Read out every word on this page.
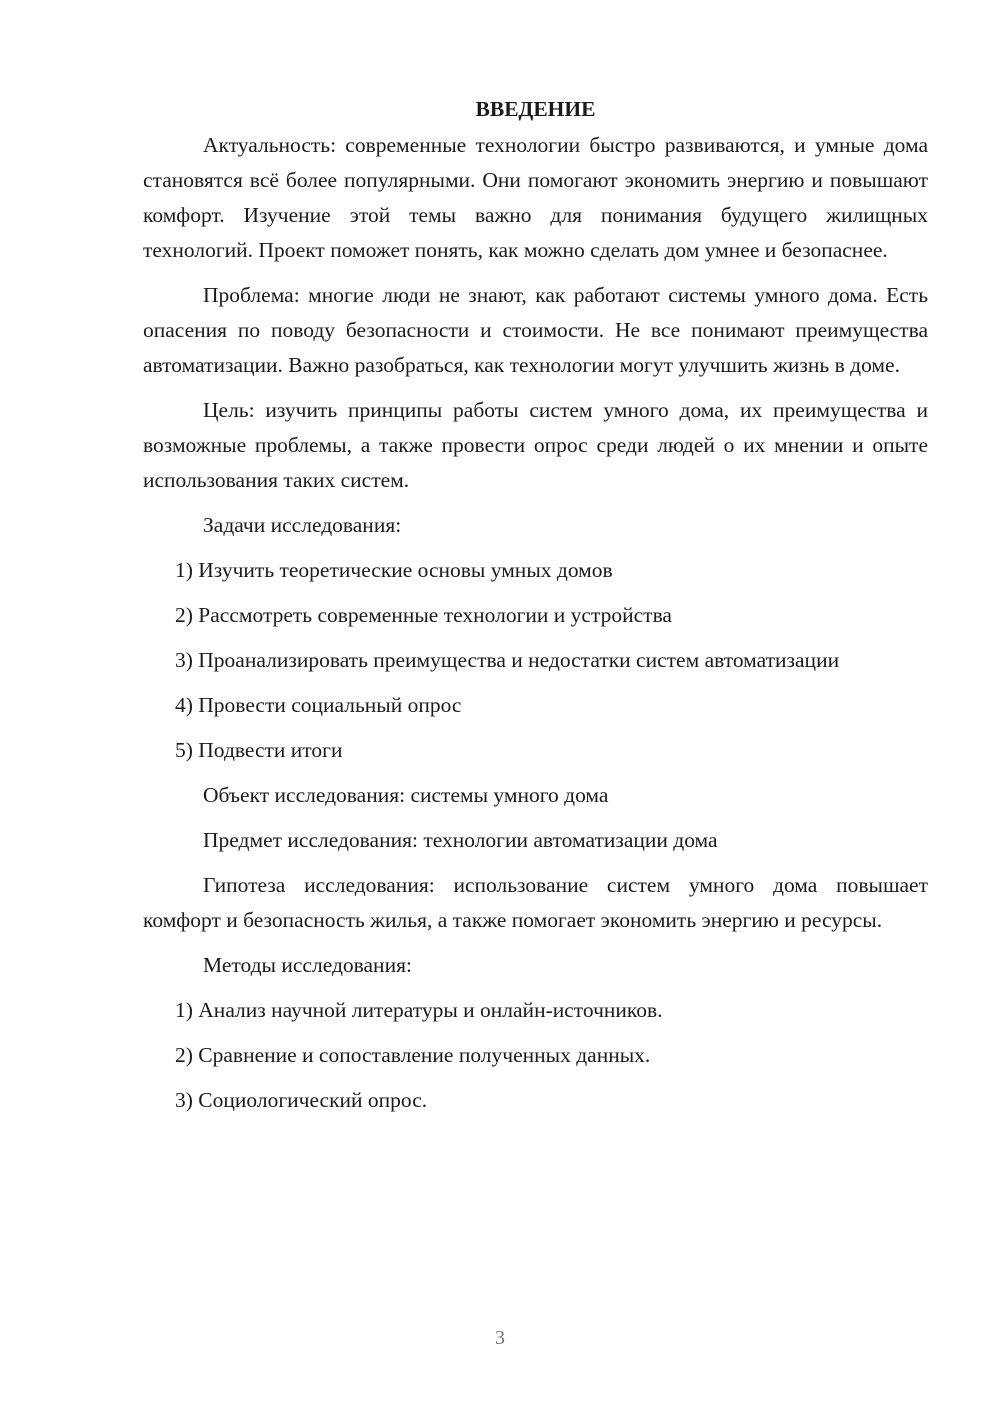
ВВЕДЕНИЕ

Актуальность: современные технологии быстро развиваются, и умные дома становятся всё более популярными. Они помогают экономить энергию и повышают комфорт. Изучение этой темы важно для понимания будущего жилищных технологий. Проект поможет понять, как можно сделать дом умнее и безопаснее.

Проблема: многие люди не знают, как работают системы умного дома. Есть опасения по поводу безопасности и стоимости. Не все понимают преимущества автоматизации. Важно разобраться, как технологии могут улучшить жизнь в доме.

Цель: изучить принципы работы систем умного дома, их преимущества и возможные проблемы, а также провести опрос среди людей о их мнении и опыте использования таких систем.

Задачи исследования:

1) Изучить теоретические основы умных домов

2) Рассмотреть современные технологии и устройства

3) Проанализировать преимущества и недостатки систем автоматизации

4) Провести социальный опрос

5) Подвести итоги

Объект исследования: системы умного дома

Предмет исследования: технологии автоматизации дома

Гипотеза исследования: использование систем умного дома повышает комфорт и безопасность жилья, а также помогает экономить энергию и ресурсы.

Методы исследования:

1) Анализ научной литературы и онлайн-источников.

2) Сравнение и сопоставление полученных данных.

3) Социологический опрос.

3
